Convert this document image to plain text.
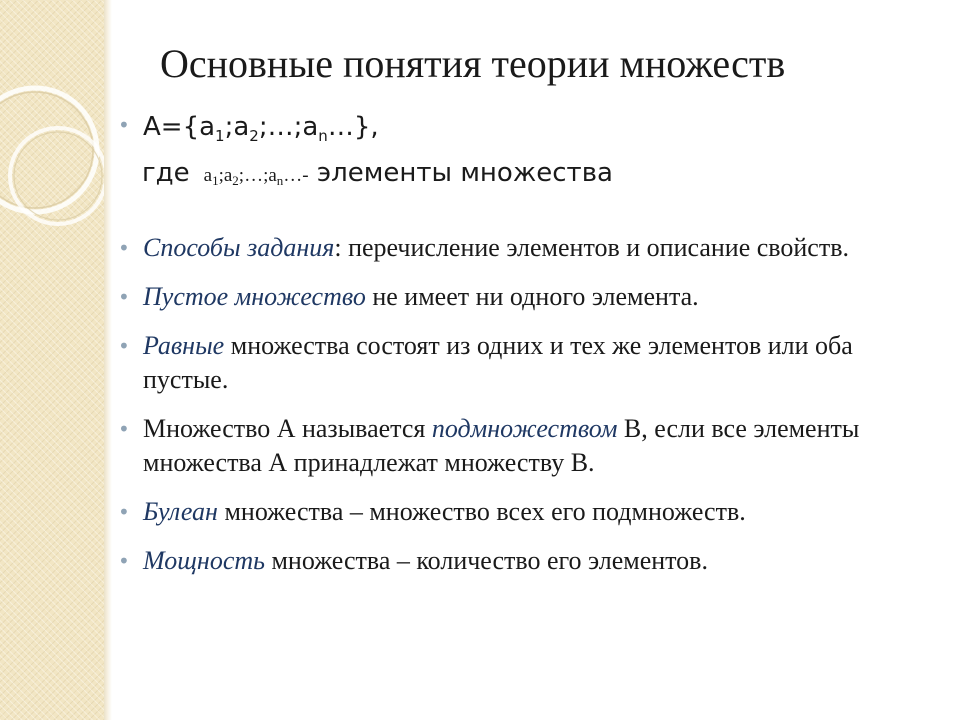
Основные понятия теории множеств
• $A=\{a_1;a_2;\dots;a_n\dots\}$,
где $a_1;a_2;\dots;a_n\dots-$ элементы множества
• Способы задания: перечисление элементов и описание свойств.
• Пустое множество не имеет ни одного элемента.
• Равные множества состоят из одних и тех же элементов или оба пустые.
• Множество А называется подмножеством В, если все элементы множества А принадлежат множеству В.
• Булеан множества – множество всех его подмножеств.
• Мощность множества – количество его элементов.
